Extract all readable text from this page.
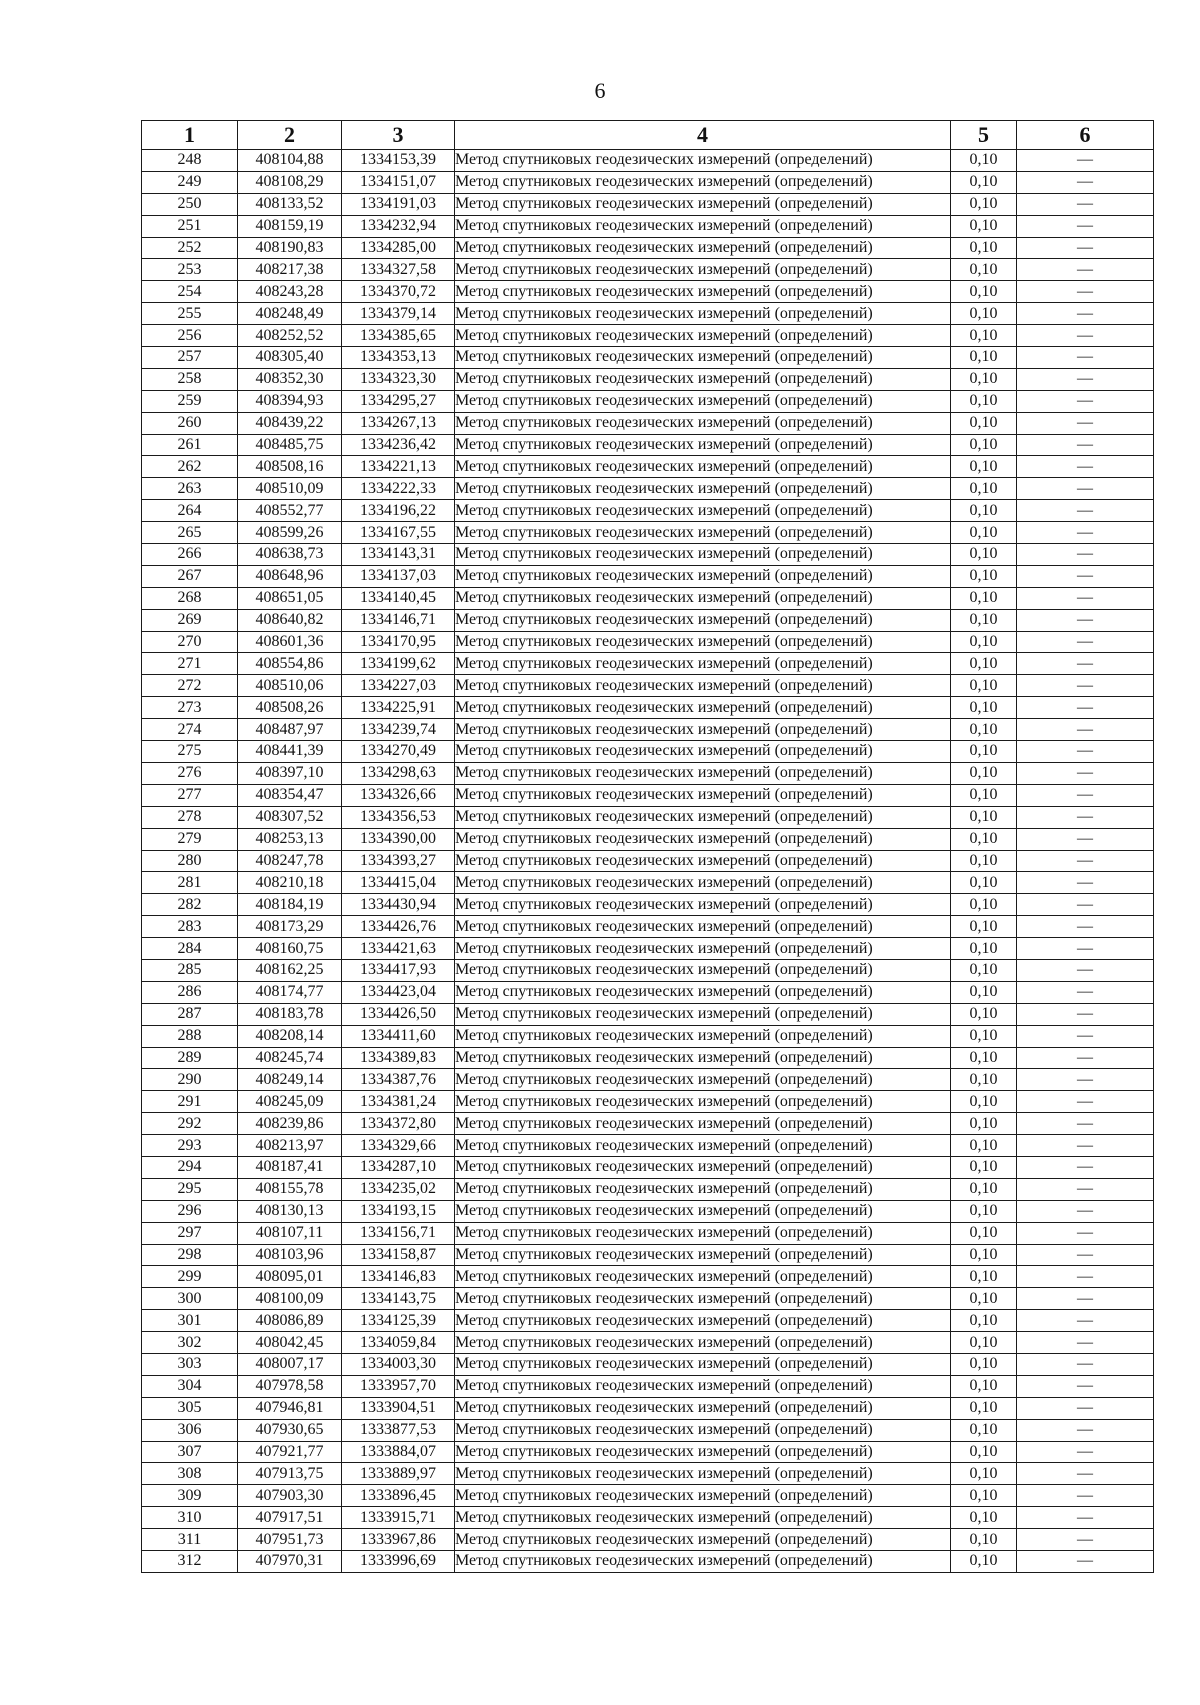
6
1	2	3	4	5	6
248	408104,88	1334153,39	Метод спутниковых геодезических измерений (определений)	0,10	—
249	408108,29	1334151,07	Метод спутниковых геодезических измерений (определений)	0,10	—
250	408133,52	1334191,03	Метод спутниковых геодезических измерений (определений)	0,10	—
251	408159,19	1334232,94	Метод спутниковых геодезических измерений (определений)	0,10	—
252	408190,83	1334285,00	Метод спутниковых геодезических измерений (определений)	0,10	—
253	408217,38	1334327,58	Метод спутниковых геодезических измерений (определений)	0,10	—
254	408243,28	1334370,72	Метод спутниковых геодезических измерений (определений)	0,10	—
255	408248,49	1334379,14	Метод спутниковых геодезических измерений (определений)	0,10	—
256	408252,52	1334385,65	Метод спутниковых геодезических измерений (определений)	0,10	—
257	408305,40	1334353,13	Метод спутниковых геодезических измерений (определений)	0,10	—
258	408352,30	1334323,30	Метод спутниковых геодезических измерений (определений)	0,10	—
259	408394,93	1334295,27	Метод спутниковых геодезических измерений (определений)	0,10	—
260	408439,22	1334267,13	Метод спутниковых геодезических измерений (определений)	0,10	—
261	408485,75	1334236,42	Метод спутниковых геодезических измерений (определений)	0,10	—
262	408508,16	1334221,13	Метод спутниковых геодезических измерений (определений)	0,10	—
263	408510,09	1334222,33	Метод спутниковых геодезических измерений (определений)	0,10	—
264	408552,77	1334196,22	Метод спутниковых геодезических измерений (определений)	0,10	—
265	408599,26	1334167,55	Метод спутниковых геодезических измерений (определений)	0,10	—
266	408638,73	1334143,31	Метод спутниковых геодезических измерений (определений)	0,10	—
267	408648,96	1334137,03	Метод спутниковых геодезических измерений (определений)	0,10	—
268	408651,05	1334140,45	Метод спутниковых геодезических измерений (определений)	0,10	—
269	408640,82	1334146,71	Метод спутниковых геодезических измерений (определений)	0,10	—
270	408601,36	1334170,95	Метод спутниковых геодезических измерений (определений)	0,10	—
271	408554,86	1334199,62	Метод спутниковых геодезических измерений (определений)	0,10	—
272	408510,06	1334227,03	Метод спутниковых геодезических измерений (определений)	0,10	—
273	408508,26	1334225,91	Метод спутниковых геодезических измерений (определений)	0,10	—
274	408487,97	1334239,74	Метод спутниковых геодезических измерений (определений)	0,10	—
275	408441,39	1334270,49	Метод спутниковых геодезических измерений (определений)	0,10	—
276	408397,10	1334298,63	Метод спутниковых геодезических измерений (определений)	0,10	—
277	408354,47	1334326,66	Метод спутниковых геодезических измерений (определений)	0,10	—
278	408307,52	1334356,53	Метод спутниковых геодезических измерений (определений)	0,10	—
279	408253,13	1334390,00	Метод спутниковых геодезических измерений (определений)	0,10	—
280	408247,78	1334393,27	Метод спутниковых геодезических измерений (определений)	0,10	—
281	408210,18	1334415,04	Метод спутниковых геодезических измерений (определений)	0,10	—
282	408184,19	1334430,94	Метод спутниковых геодезических измерений (определений)	0,10	—
283	408173,29	1334426,76	Метод спутниковых геодезических измерений (определений)	0,10	—
284	408160,75	1334421,63	Метод спутниковых геодезических измерений (определений)	0,10	—
285	408162,25	1334417,93	Метод спутниковых геодезических измерений (определений)	0,10	—
286	408174,77	1334423,04	Метод спутниковых геодезических измерений (определений)	0,10	—
287	408183,78	1334426,50	Метод спутниковых геодезических измерений (определений)	0,10	—
288	408208,14	1334411,60	Метод спутниковых геодезических измерений (определений)	0,10	—
289	408245,74	1334389,83	Метод спутниковых геодезических измерений (определений)	0,10	—
290	408249,14	1334387,76	Метод спутниковых геодезических измерений (определений)	0,10	—
291	408245,09	1334381,24	Метод спутниковых геодезических измерений (определений)	0,10	—
292	408239,86	1334372,80	Метод спутниковых геодезических измерений (определений)	0,10	—
293	408213,97	1334329,66	Метод спутниковых геодезических измерений (определений)	0,10	—
294	408187,41	1334287,10	Метод спутниковых геодезических измерений (определений)	0,10	—
295	408155,78	1334235,02	Метод спутниковых геодезических измерений (определений)	0,10	—
296	408130,13	1334193,15	Метод спутниковых геодезических измерений (определений)	0,10	—
297	408107,11	1334156,71	Метод спутниковых геодезических измерений (определений)	0,10	—
298	408103,96	1334158,87	Метод спутниковых геодезических измерений (определений)	0,10	—
299	408095,01	1334146,83	Метод спутниковых геодезических измерений (определений)	0,10	—
300	408100,09	1334143,75	Метод спутниковых геодезических измерений (определений)	0,10	—
301	408086,89	1334125,39	Метод спутниковых геодезических измерений (определений)	0,10	—
302	408042,45	1334059,84	Метод спутниковых геодезических измерений (определений)	0,10	—
303	408007,17	1334003,30	Метод спутниковых геодезических измерений (определений)	0,10	—
304	407978,58	1333957,70	Метод спутниковых геодезических измерений (определений)	0,10	—
305	407946,81	1333904,51	Метод спутниковых геодезических измерений (определений)	0,10	—
306	407930,65	1333877,53	Метод спутниковых геодезических измерений (определений)	0,10	—
307	407921,77	1333884,07	Метод спутниковых геодезических измерений (определений)	0,10	—
308	407913,75	1333889,97	Метод спутниковых геодезических измерений (определений)	0,10	—
309	407903,30	1333896,45	Метод спутниковых геодезических измерений (определений)	0,10	—
310	407917,51	1333915,71	Метод спутниковых геодезических измерений (определений)	0,10	—
311	407951,73	1333967,86	Метод спутниковых геодезических измерений (определений)	0,10	—
312	407970,31	1333996,69	Метод спутниковых геодезических измерений (определений)	0,10	—
